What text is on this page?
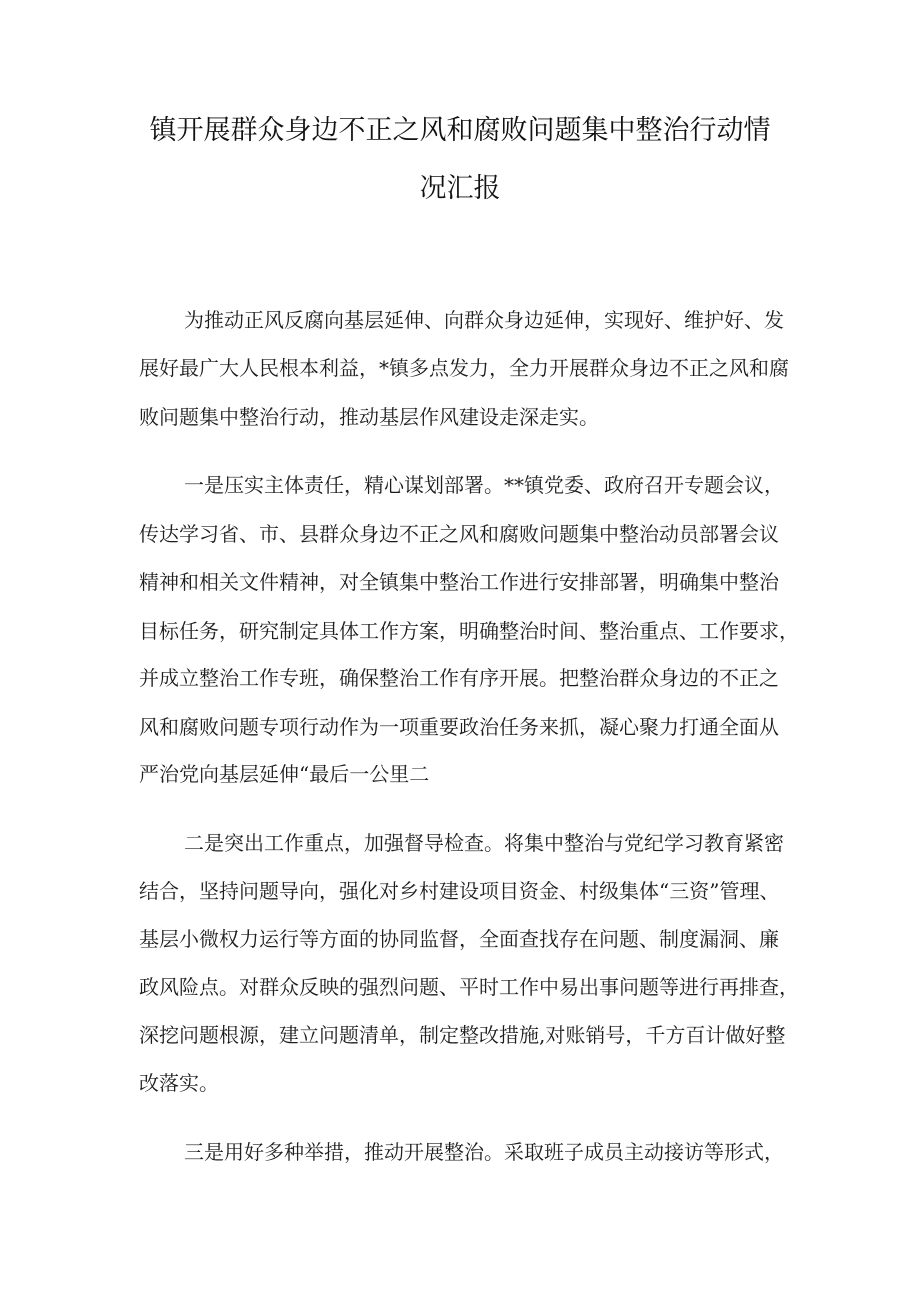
镇开展群众身边不正之风和腐败问题集中整治行动情
况汇报

为推动正风反腐向基层延伸、向群众身边延伸，实现好、维护好、发

展好最广大人民根本利益，*镇多点发力，全力开展群众身边不正之风和腐

败问题集中整治行动，推动基层作风建设走深走实。

一是压实主体责任，精心谋划部署。**镇党委、政府召开专题会议，

传达学习省、市、县群众身边不正之风和腐败问题集中整治动员部署会议

精神和相关文件精神，对全镇集中整治工作进行安排部署，明确集中整治

目标任务，研究制定具体工作方案，明确整治时间、整治重点、工作要求，

并成立整治工作专班，确保整治工作有序开展。把整治群众身边的不正之

风和腐败问题专项行动作为一项重要政治任务来抓，凝心聚力打通全面从

严治党向基层延伸“最后一公里二

二是突出工作重点，加强督导检查。将集中整治与党纪学习教育紧密

结合，坚持问题导向，强化对乡村建设项目资金、村级集体“三资”管理、

基层小微权力运行等方面的协同监督，全面查找存在问题、制度漏洞、廉

政风险点。对群众反映的强烈问题、平时工作中易出事问题等进行再排查，

深挖问题根源，建立问题清单，制定整改措施,对账销号，千方百计做好整

改落实。

三是用好多种举措，推动开展整治。采取班子成员主动接访等形式，
